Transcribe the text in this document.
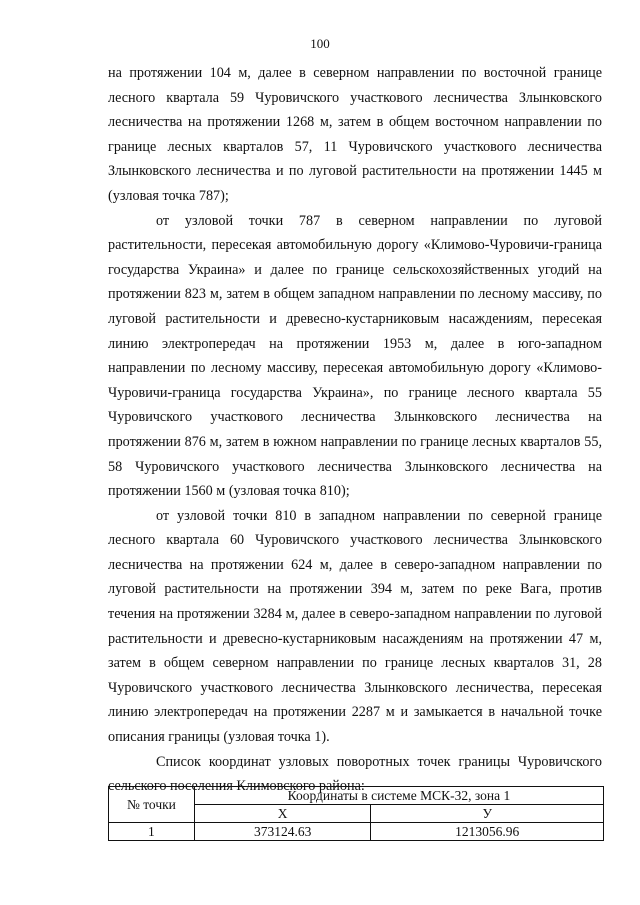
100

на протяжении 104 м, далее в северном направлении по восточной границе лесного квартала 59 Чуровичского участкового лесничества Злынковского лесничества на протяжении 1268 м, затем в общем восточном направлении по границе лесных кварталов 57, 11 Чуровичского участкового лесничества Злынковского лесничества и по луговой растительности на протяжении 1445 м (узловая точка 787);

от узловой точки 787 в северном направлении по луговой растительности, пересекая автомобильную дорогу «Климово-Чуровичи-граница государства Украина» и далее по границе сельскохозяйственных угодий на протяжении 823 м, затем в общем западном направлении по лесному массиву, по луговой растительности и древесно-кустарниковым насаждениям, пересекая линию электропередач на протяжении 1953 м, далее в юго-западном направлении по лесному массиву, пересекая автомобильную дорогу «Климово-Чуровичи-граница государства Украина», по границе лесного квартала 55 Чуровичского участкового лесничества Злынковского лесничества на протяжении 876 м, затем в южном направлении по границе лесных кварталов 55, 58 Чуровичского участкового лесничества Злынковского лесничества на протяжении 1560 м (узловая точка 810);

от узловой точки 810 в западном направлении по северной границе лесного квартала 60 Чуровичского участкового лесничества Злынковского лесничества на протяжении 624 м, далее в северо-западном направлении по луговой растительности на протяжении 394 м, затем по реке Вага, против течения на протяжении 3284 м, далее в северо-западном направлении по луговой растительности и древесно-кустарниковым насаждениям на протяжении 47 м, затем в общем северном направлении по границе лесных кварталов 31, 28 Чуровичского участкового лесничества Злынковского лесничества, пересекая линию электропередач на протяжении 2287 м и замыкается в начальной точке описания границы (узловая точка 1).

Список координат узловых поворотных точек границы Чуровичского сельского поселения Климовского района:

№ точки	Координаты в системе МСК-32, зона 1	
	X	У
1	373124.63	1213056.96
